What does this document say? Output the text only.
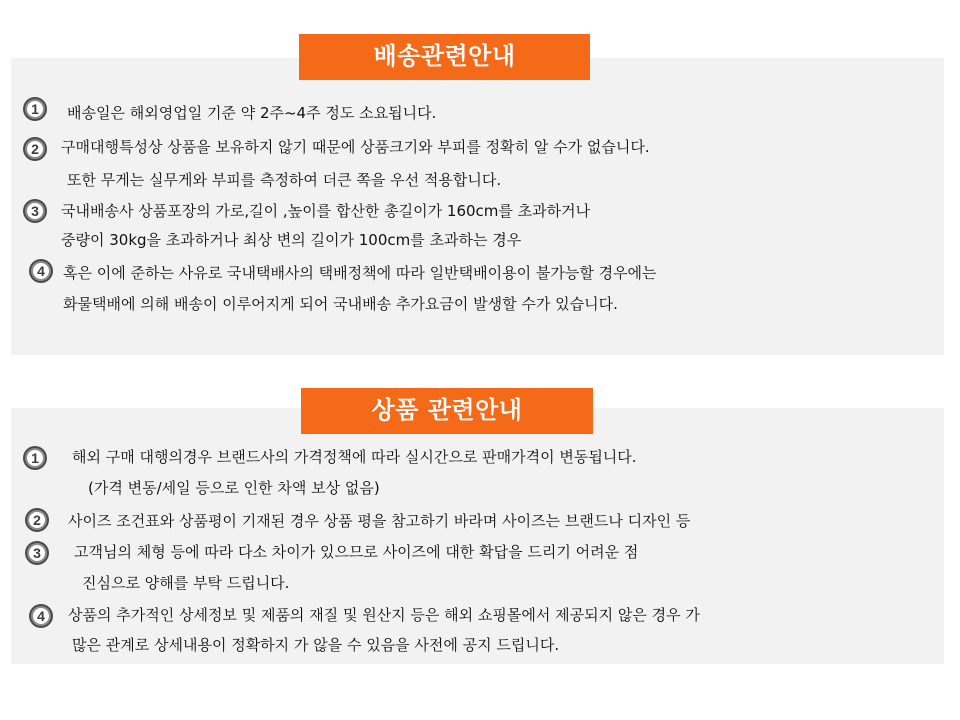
배송관련안내
1 배송일은 해외영업일 기준 약 2주~4주 정도 소요됩니다.
2 구매대행특성상 상품을 보유하지 않기 때문에 상품크기와 부피를 정확히 알 수가 없습니다.
또한 무게는 실무게와 부피를 측정하여 더큰 쪽을 우선 적용합니다.
3 국내배송사 상품포장의 가로,길이 ,높이를 합산한 총길이가 160cm를 초과하거나
중량이 30kg을 초과하거나 최상 변의 길이가 100cm를 초과하는 경우
4 혹은 이에 준하는 사유로 국내택배사의 택배정책에 따라 일반택배이용이 불가능할 경우에는
화물택배에 의해 배송이 이루어지게 되어 국내배송 추가요금이 발생할 수가 있습니다.
상품 관련안내
1 해외 구매 대행의경우 브랜드사의 가격정책에 따라 실시간으로 판매가격이 변동됩니다.
(가격 변동/세일 등으로 인한 차액 보상 없음)
2 사이즈 조건표와 상품평이 기재된 경우 상품 평을 참고하기 바라며 사이즈는 브랜드나 디자인 등
3 고객님의 체형 등에 따라 다소 차이가 있으므로 사이즈에 대한 확답을 드리기 어려운 점
진심으로 양해를 부탁 드립니다.
4 상품의 추가적인 상세정보 및 제품의 재질 및 원산지 등은 해외 쇼핑몰에서 제공되지 않은 경우 가
많은 관계로 상세내용이 정확하지 가 않을 수 있음을 사전에 공지 드립니다.
